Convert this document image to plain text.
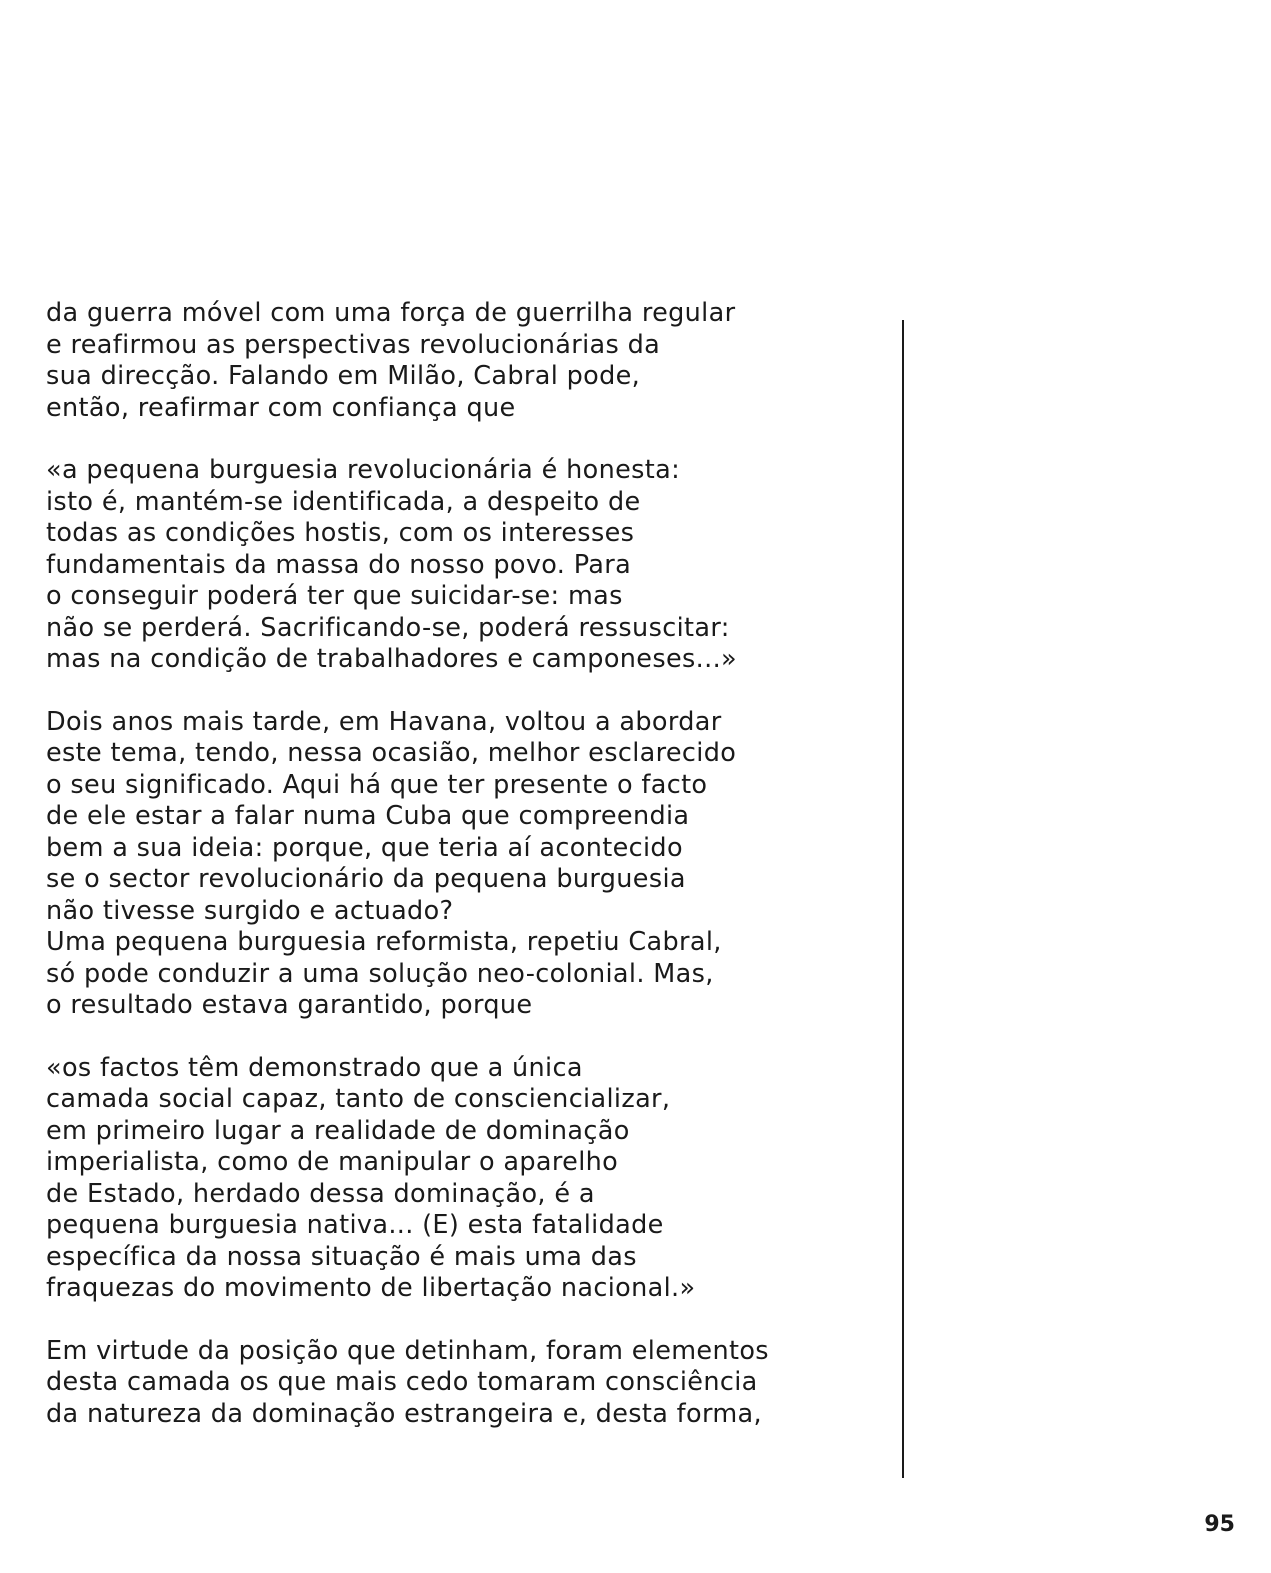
da guerra móvel com uma força de guerrilha regular
e reafirmou as perspectivas revolucionárias da
sua direcção. Falando em Milão, Cabral pode,
então, reafirmar com confiança que
«a pequena burguesia revolucionária é honesta:
isto é, mantém-se identificada, a despeito de
todas as condições hostis, com os interesses
fundamentais da massa do nosso povo. Para
o conseguir poderá ter que suicidar-se: mas
não se perderá. Sacrificando-se, poderá ressuscitar:
mas na condição de trabalhadores e camponeses...»
Dois anos mais tarde, em Havana, voltou a abordar
este tema, tendo, nessa ocasião, melhor esclarecido
o seu significado. Aqui há que ter presente o facto
de ele estar a falar numa Cuba que compreendia
bem a sua ideia: porque, que teria aí acontecido
se o sector revolucionário da pequena burguesia
não tivesse surgido e actuado?
Uma pequena burguesia reformista, repetiu Cabral,
só pode conduzir a uma solução neo-colonial. Mas,
o resultado estava garantido, porque
«os factos têm demonstrado que a única
camada social capaz, tanto de consciencializar,
em primeiro lugar a realidade de dominação
imperialista, como de manipular o aparelho
de Estado, herdado dessa dominação, é a
pequena burguesia nativa... (E) esta fatalidade
específica da nossa situação é mais uma das
fraquezas do movimento de libertação nacional.»
Em virtude da posição que detinham, foram elementos
desta camada os que mais cedo tomaram consciência
da natureza da dominação estrangeira e, desta forma,
95
